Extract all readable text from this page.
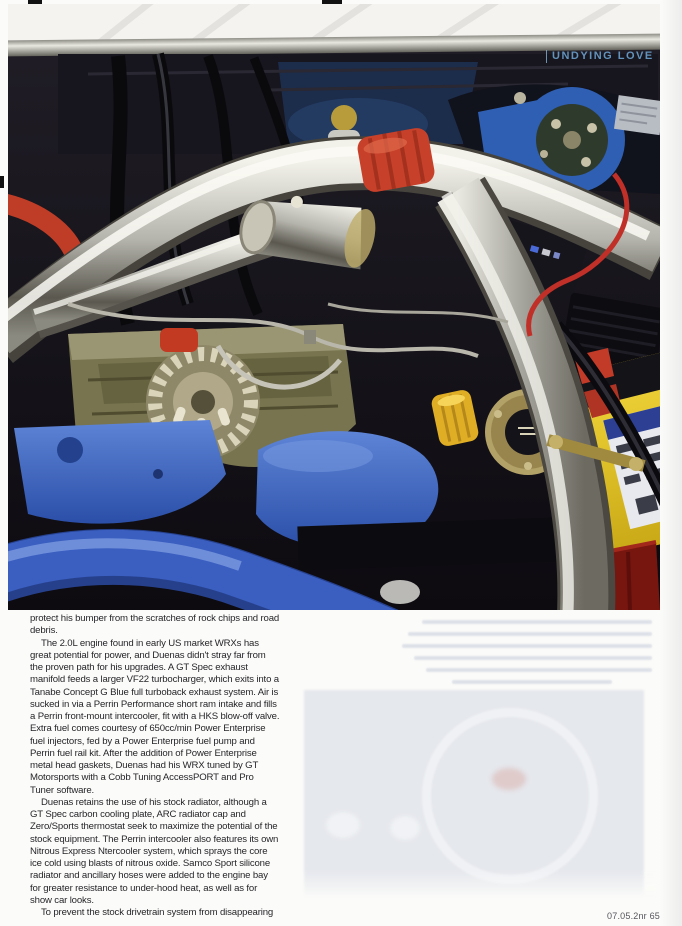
UNDYING LOVE

protect his bumper from the scratches of rock chips and road debris.

The 2.0L engine found in early US market WRXs has great potential for power, and Duenas didn't stray far from the proven path for his upgrades. A GT Spec exhaust manifold feeds a larger VF22 turbocharger, which exits into a Tanabe Concept G Blue full turboback exhaust system. Air is sucked in via a Perrin Performance short ram intake and fills a Perrin front-mount intercooler, fit with a HKS blow-off valve. Extra fuel comes courtesy of 650cc/min Power Enterprise fuel injectors, fed by a Power Enterprise fuel pump and Perrin fuel rail kit. After the addition of Power Enterprise metal head gaskets, Duenas had his WRX tuned by GT Motorsports with a Cobb Tuning AccessPORT and Pro Tuner software.

Duenas retains the use of his stock radiator, although a GT Spec carbon cooling plate, ARC radiator cap and Zero/Sports thermostat seek to maximize the potential of the stock equipment. The Perrin intercooler also features its own Nitrous Express Ntercooler system, which sprays the core ice cold using blasts of nitrous oxide. Samco Sport silicone radiator and ancillary hoses were added to the engine bay for greater resistance to under-hood heat, as well as for show car looks.

To prevent the stock drivetrain system from disappearing	07.05.2nr 65
